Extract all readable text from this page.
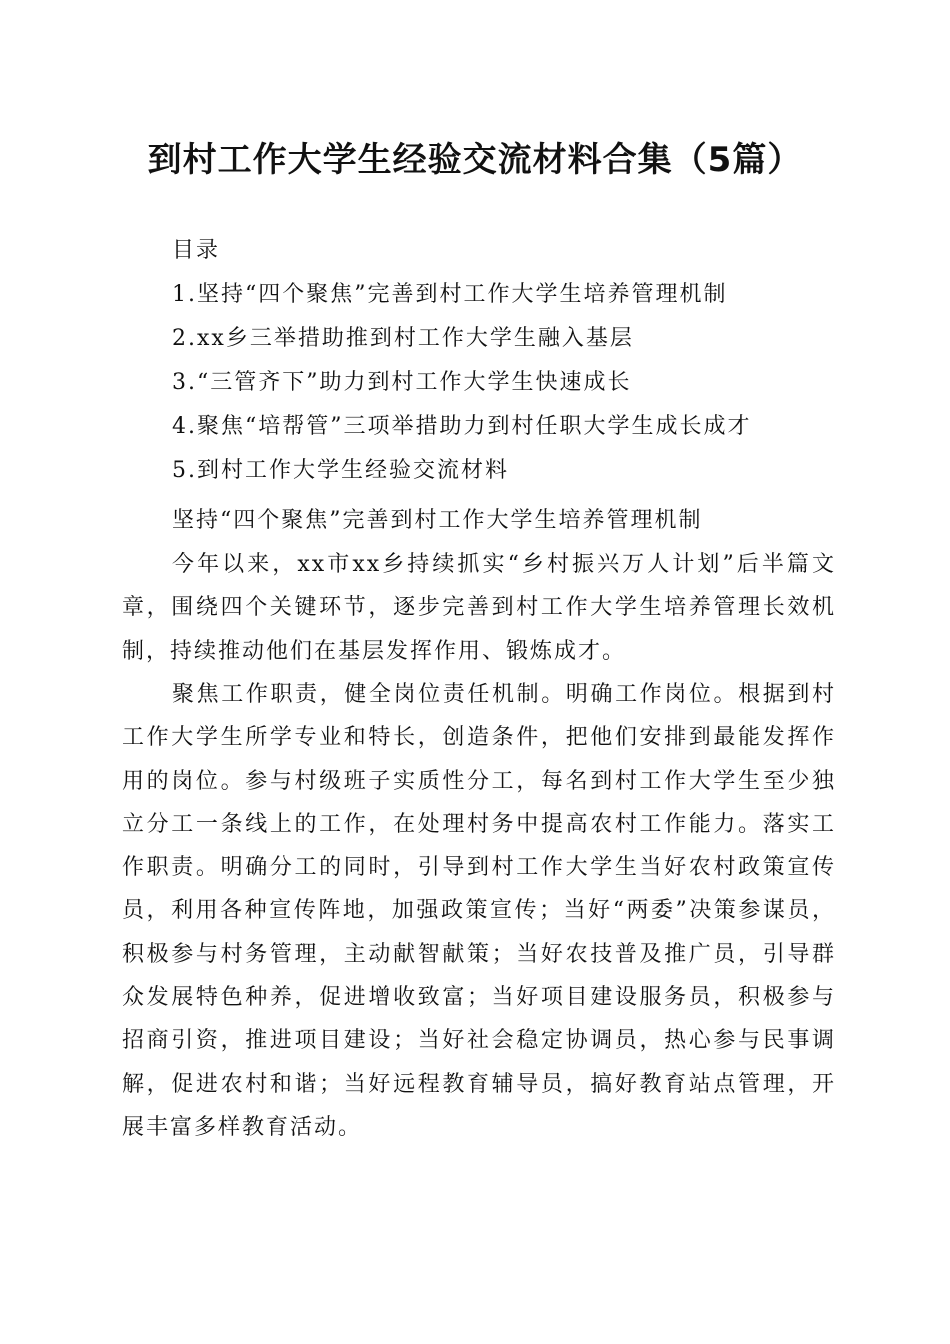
到村工作大学生经验交流材料合集（5篇）
目录
1. 坚持“四个聚焦”完善到村工作大学生培养管理机制
2. xx乡三举措助推到村工作大学生融入基层
3. “三管齐下”助力到村工作大学生快速成长
4. 聚焦“培帮管”三项举措助力到村任职大学生成长成才
5. 到村工作大学生经验交流材料
坚持“四个聚焦”完善到村工作大学生培养管理机制

今年以来，xx市xx乡持续抓实“乡村振兴万人计划”后半篇文章，围绕四个关键环节，逐步完善到村工作大学生培养管理长效机制，持续推动他们在基层发挥作用、锻炼成才。

聚焦工作职责，健全岗位责任机制。明确工作岗位。根据到村工作大学生所学专业和特长，创造条件，把他们安排到最能发挥作用的岗位。参与村级班子实质性分工，每名到村工作大学生至少独立分工一条线上的工作，在处理村务中提高农村工作能力。落实工作职责。明确分工的同时，引导到村工作大学生当好农村政策宣传员，利用各种宣传阵地，加强政策宣传；当好“两委”决策参谋员，积极参与村务管理，主动献智献策；当好农技普及推广员，引导群众发展特色种养，促进增收致富；当好项目建设服务员，积极参与招商引资，推进项目建设；当好社会稳定协调员，热心参与民事调解，促进农村和谐；当好远程教育辅导员，搞好教育站点管理，开展丰富多样教育活动。
